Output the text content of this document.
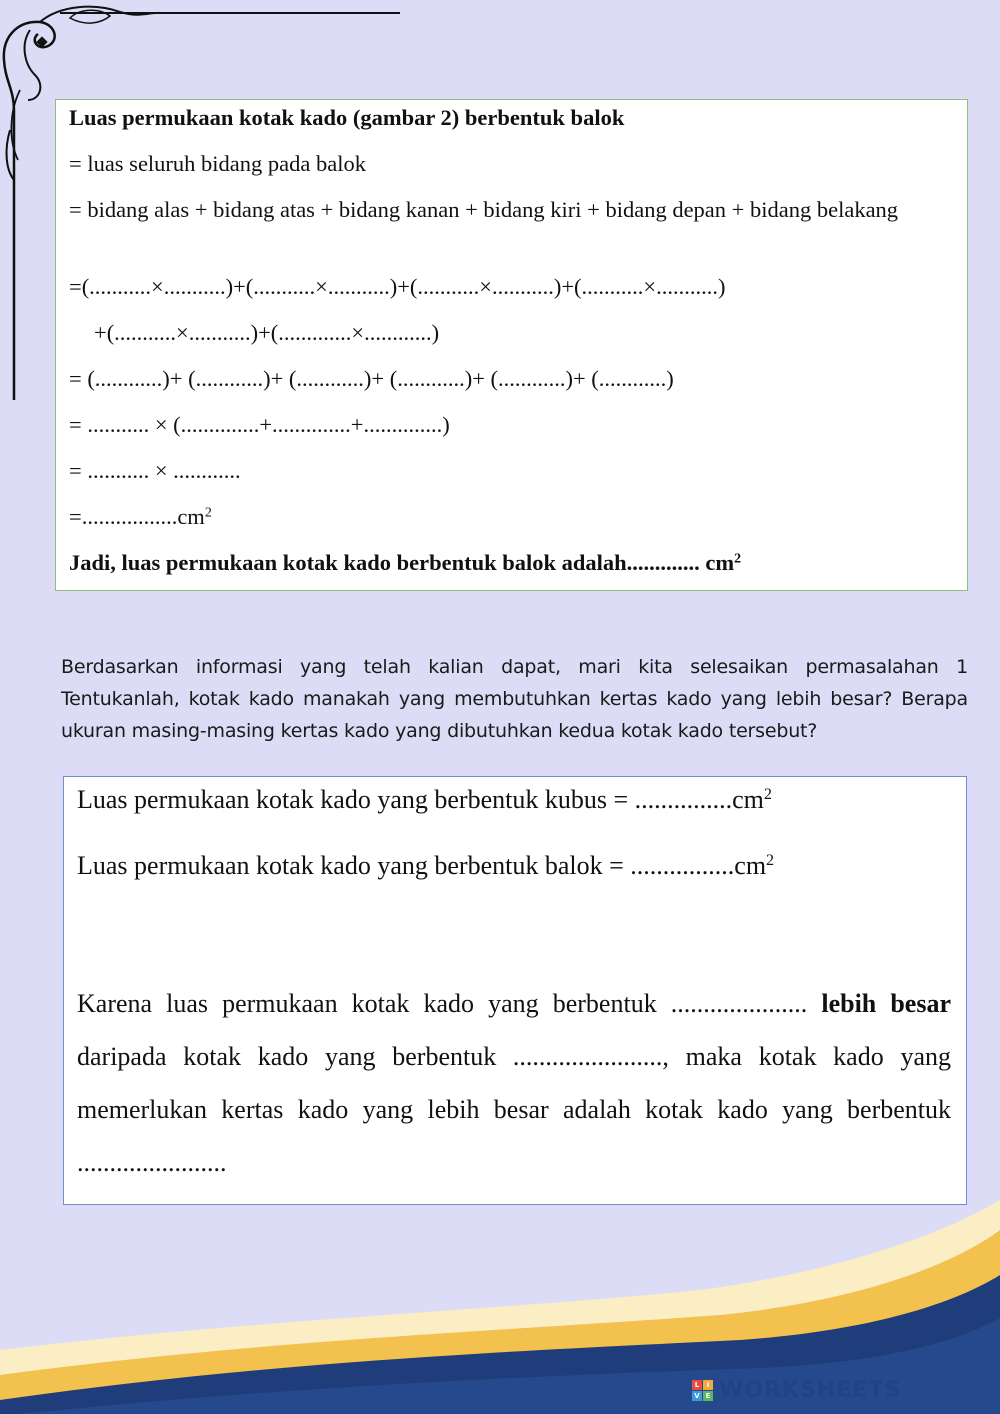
Luas permukaan kotak kado (gambar 2) berbentuk balok

= luas seluruh bidang pada balok

= bidang alas + bidang atas + bidang kanan + bidang kiri + bidang depan + bidang belakang

=(...........×...........)+(...........×...........)+(...........×...........)+(...........×...........)

+(...........×...........)+(.............×............)

= (............)+ (............)+ (............)+ (............)+ (............)+ (............)

= ........... × (..............+..............+..............)

= ........... × ............

$=.................cm^2$

Jadi, luas permukaan kotak kado berbentuk balok adalah............. $cm^2$

Berdasarkan informasi yang telah kalian dapat, mari kita selesaikan permasalahan 1 Tentukanlah, kotak kado manakah yang membutuhkan kertas kado yang lebih besar? Berapa ukuran masing-masing kertas kado yang dibutuhkan kedua kotak kado tersebut?

Luas permukaan kotak kado yang berbentuk kubus = $...............cm^2$
Luas permukaan kotak kado yang berbentuk balok = $................cm^2$
Karena luas permukaan kotak kado yang berbentuk ..................... lebih besar daripada kotak kado yang berbentuk ......................., maka kotak kado yang memerlukan kertas kado yang lebih besar adalah kotak kado yang berbentuk .......................
L	I
V E WORKSHEETS
